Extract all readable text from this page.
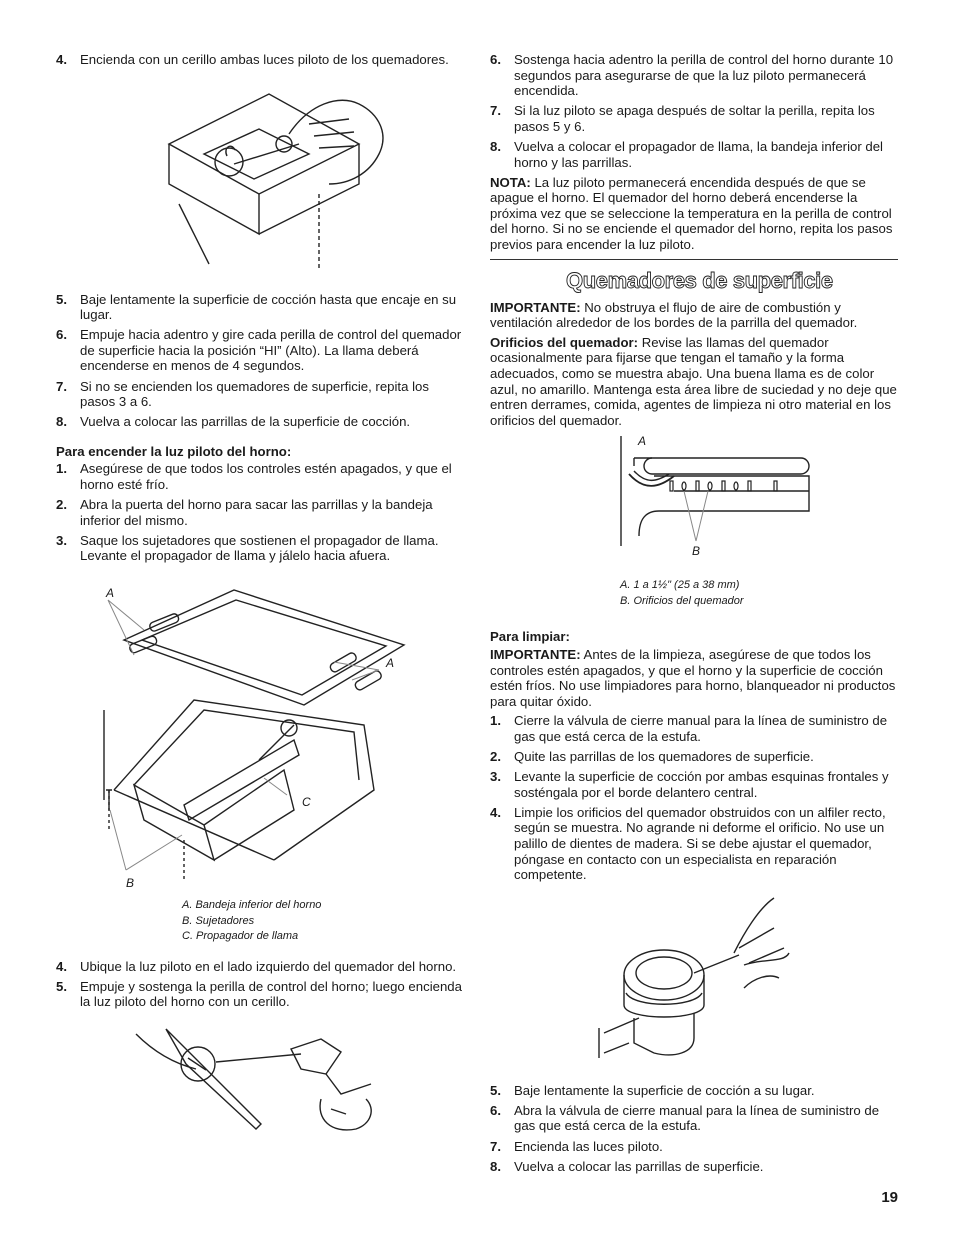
4. Encienda con un cerillo ambas luces piloto de los quemadores.
5. Baje lentamente la superficie de cocción hasta que encaje en su lugar.
6. Empuje hacia adentro y gire cada perilla de control del quemador de superficie hacia la posición “HI” (Alto). La llama deberá encenderse en menos de 4 segundos.
7. Si no se encienden los quemadores de superficie, repita los pasos 3 a 6.
8. Vuelva a colocar las parrillas de la superficie de cocción.
Para encender la luz piloto del horno:
1. Asegúrese de que todos los controles estén apagados, y que el horno esté frío.
2. Abra la puerta del horno para sacar las parrillas y la bandeja inferior del mismo.
3. Saque los sujetadores que sostienen el propagador de llama. Levante el propagador de llama y jálelo hacia afuera.
A
A
C
B
A. Bandeja inferior del horno
B. Sujetadores
C. Propagador de llama
4. Ubique la luz piloto en el lado izquierdo del quemador del horno.
5. Empuje y sostenga la perilla de control del horno; luego encienda la luz piloto del horno con un cerillo.
6. Sostenga hacia adentro la perilla de control del horno durante 10 segundos para asegurarse de que la luz piloto permanecerá encendida.
7. Si la luz piloto se apaga después de soltar la perilla, repita los pasos 5 y 6.
8. Vuelva a colocar el propagador de llama, la bandeja inferior del horno y las parrillas.

NOTA: La luz piloto permanecerá encendida después de que se apague el horno. El quemador del horno deberá encenderse la próxima vez que se seleccione la temperatura en la perilla de control del horno. Si no se enciende el quemador del horno, repita los pasos previos para encender la luz piloto.

Quemadores de superficie

IMPORTANTE: No obstruya el flujo de aire de combustión y ventilación alrededor de los bordes de la parrilla del quemador.

Orificios del quemador: Revise las llamas del quemador ocasionalmente para fijarse que tengan el tamaño y la forma adecuados, como se muestra abajo. Una buena llama es de color azul, no amarillo. Mantenga esta área libre de suciedad y no deje que entren derrames, comida, agentes de limpieza ni otro material en los orificios del quemador.

A
B
A. 1 a 1½" (25 a 38 mm)
B. Orificios del quemador
Para limpiar:

IMPORTANTE: Antes de la limpieza, asegúrese de que todos los controles estén apagados, y que el horno y la superficie de cocción estén fríos. No use limpiadores para horno, blanqueador ni productos para quitar óxido.

1. Cierre la válvula de cierre manual para la línea de suministro de gas que está cerca de la estufa.
2. Quite las parrillas de los quemadores de superficie.
3. Levante la superficie de cocción por ambas esquinas frontales y sosténgala por el borde delantero central.
4. Limpie los orificios del quemador obstruidos con un alfiler recto, según se muestra. No agrande ni deforme el orificio. No use un palillo de dientes de madera. Si se debe ajustar el quemador, póngase en contacto con un especialista en reparación competente.
5. Baje lentamente la superficie de cocción a su lugar.
6. Abra la válvula de cierre manual para la línea de suministro de gas que está cerca de la estufa.
7. Encienda las luces piloto.
8. Vuelva a colocar las parrillas de superficie.
19
